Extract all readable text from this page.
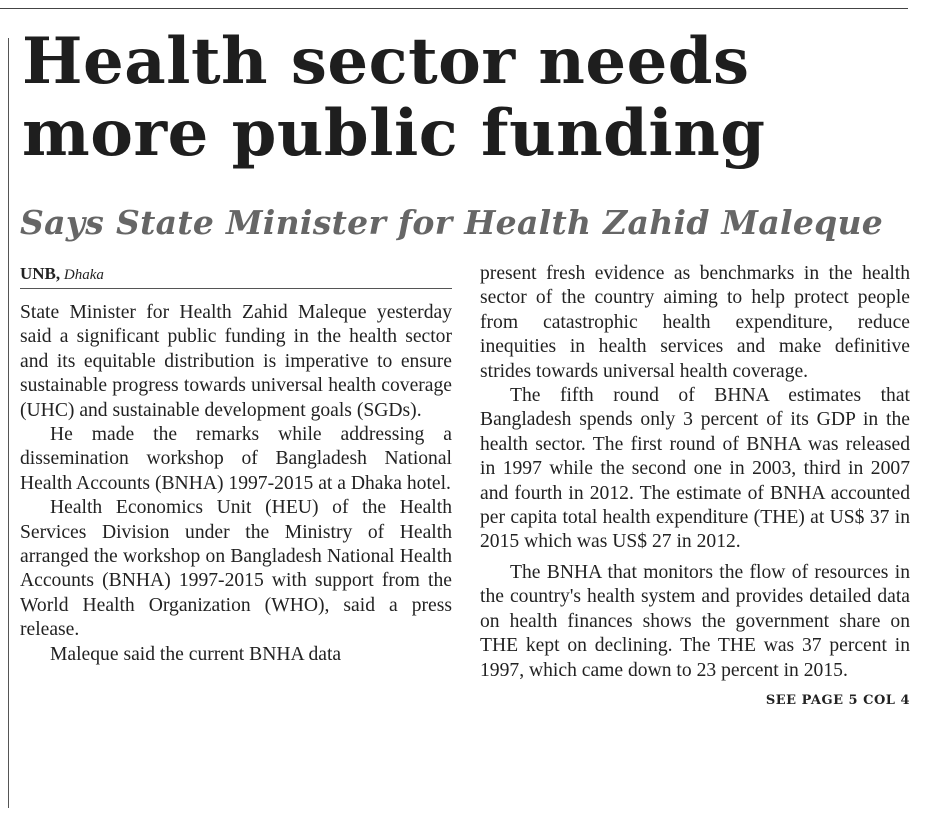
Health sector needs more public funding
Says State Minister for Health Zahid Maleque
UNB, Dhaka

State Minister for Health Zahid Maleque yesterday said a significant public funding in the health sector and its equitable distribution is imperative to ensure sustainable progress towards universal health coverage (UHC) and sustainable development goals (SGDs).

He made the remarks while addressing a dissemination workshop of Bangladesh National Health Accounts (BNHA) 1997-2015 at a Dhaka hotel.

Health Economics Unit (HEU) of the Health Services Division under the Ministry of Health arranged the workshop on Bangladesh National Health Accounts (BNHA) 1997-2015 with support from the World Health Organization (WHO), said a press release.

Maleque said the current BNHA data

present fresh evidence as benchmarks in the health sector of the country aiming to help protect people from catastrophic health expenditure, reduce inequities in health services and make definitive strides towards universal health coverage.

The fifth round of BHNA estimates that Bangladesh spends only 3 percent of its GDP in the health sector. The first round of BNHA was released in 1997 while the second one in 2003, third in 2007 and fourth in 2012. The estimate of BNHA accounted per capita total health expenditure (THE) at US$ 37 in 2015 which was US$ 27 in 2012.

The BNHA that monitors the flow of resources in the country's health system and provides detailed data on health finances shows the government share on THE kept on declining. The THE was 37 percent in 1997, which came down to 23 percent in 2015.

SEE PAGE 5 COL 4
